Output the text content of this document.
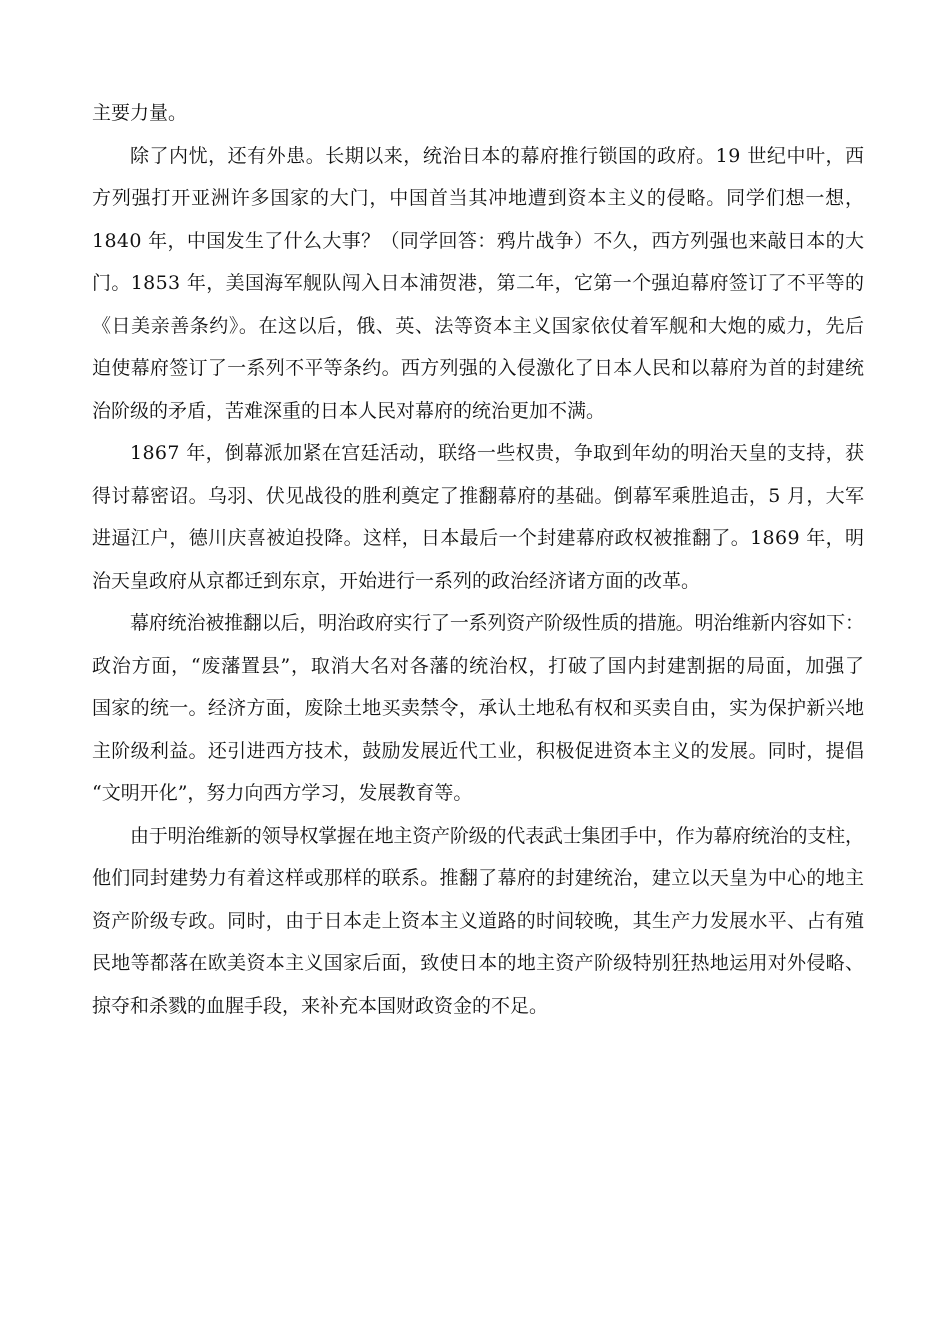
主要力量。
除了内忧，还有外患。长期以来，统治日本的幕府推行锁国的政府。19 世纪中叶，西
方列强打开亚洲许多国家的大门，中国首当其冲地遭到资本主义的侵略。同学们想一想，
1840 年，中国发生了什么大事？（同学回答：鸦片战争）不久，西方列强也来敲日本的大
门。1853 年，美国海军舰队闯入日本浦贺港，第二年，它第一个强迫幕府签订了不平等的
《日美亲善条约》。在这以后，俄、英、法等资本主义国家依仗着军舰和大炮的威力，先后
迫使幕府签订了一系列不平等条约。西方列强的入侵激化了日本人民和以幕府为首的封建统
治阶级的矛盾，苦难深重的日本人民对幕府的统治更加不满。
1867 年，倒幕派加紧在宫廷活动，联络一些权贵，争取到年幼的明治天皇的支持，获
得讨幕密诏。乌羽、伏见战役的胜利奠定了推翻幕府的基础。倒幕军乘胜追击，5 月，大军
进逼江户，德川庆喜被迫投降。这样，日本最后一个封建幕府政权被推翻了。1869 年，明
治天皇政府从京都迁到东京，开始进行一系列的政治经济诸方面的改革。
幕府统治被推翻以后，明治政府实行了一系列资产阶级性质的措施。明治维新内容如下：
政治方面，“废藩置县”，取消大名对各藩的统治权，打破了国内封建割据的局面，加强了
国家的统一。经济方面，废除土地买卖禁令，承认土地私有权和买卖自由，实为保护新兴地
主阶级利益。还引进西方技术，鼓励发展近代工业，积极促进资本主义的发展。同时，提倡
“文明开化”，努力向西方学习，发展教育等。
由于明治维新的领导权掌握在地主资产阶级的代表武士集团手中，作为幕府统治的支柱，
他们同封建势力有着这样或那样的联系。推翻了幕府的封建统治，建立以天皇为中心的地主
资产阶级专政。同时，由于日本走上资本主义道路的时间较晚，其生产力发展水平、占有殖
民地等都落在欧美资本主义国家后面，致使日本的地主资产阶级特别狂热地运用对外侵略、
掠夺和杀戮的血腥手段，来补充本国财政资金的不足。
